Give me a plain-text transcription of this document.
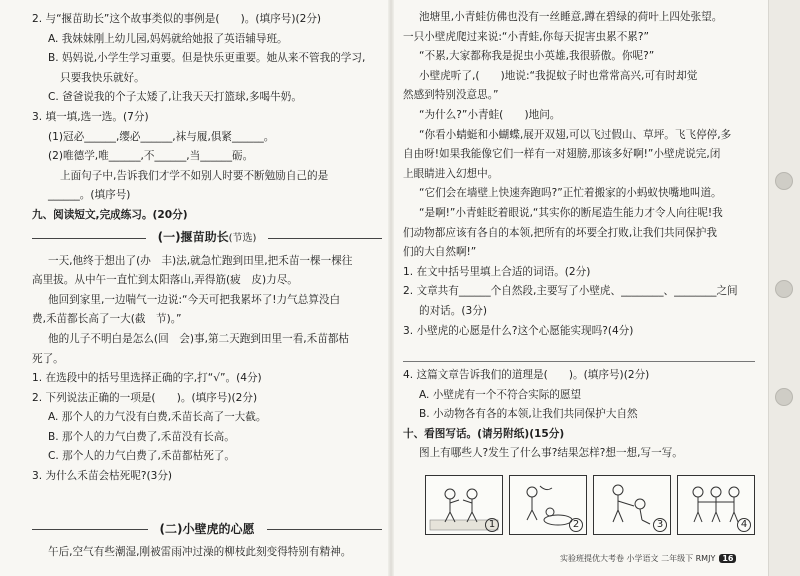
2. 与“揠苗助长”这个故事类似的事例是(　　)。(填序号)(2分)
A. 我妹妹刚上幼儿园,妈妈就给她报了英语辅导班。
B. 妈妈说,小学生学习重要。但是快乐更重要。她从来不管我的学习,
只要我快乐就好。
C. 爸爸说我的个子太矮了,让我天天打篮球,多喝牛奶。
3. 填一填,选一选。(7分)
(1)冠必______,缨必______,袜与履,俱紧______。
(2)唯德学,唯______,不______,当______砺。
上面句子中,告诉我们才学不如别人时要不断勉励自己的是
______。(填序号)
九、阅读短文,完成练习。(20分)
(一)揠苗助长(节选)
一天,他终于想出了(办　丰)法,就急忙跑到田里,把禾苗一棵一棵往
高里拔。从中午一直忙到太阳落山,弄得筋(疲　皮)力尽。
他回到家里,一边喘气一边说:“今天可把我累坏了!力气总算没白
费,禾苗都长高了一大(截　节)。”
他的儿子不明白是怎么(回　会)事,第二天跑到田里一看,禾苗都枯
死了。
1. 在选段中的括号里选择正确的字,打“√”。(4分)
2. 下列说法正确的一项是(　　)。(填序号)(2分)
A. 那个人的力气没有白费,禾苗长高了一大截。
B. 那个人的力气白费了,禾苗没有长高。
C. 那个人的力气白费了,禾苗都枯死了。
3. 为什么禾苗会枯死呢?(3分)
(二)小壁虎的心愿
午后,空气有些潮湿,刚被雷雨冲过澡的柳枝此刻变得特别有精神。
池塘里,小青蛙仿佛也没有一丝睡意,蹲在碧绿的荷叶上四处张望。
一只小壁虎爬过来说:“小青蛙,你每天捉害虫累不累?”
“不累,大家都称我是捉虫小英雄,我很骄傲。你呢?”
小壁虎听了,(　　)地说:“我捉蚊子时也常常高兴,可有时却觉
然感到特别没意思。”
“为什么?”小青蛙(　　)地问。
“你看小蜻蜓和小蝴蝶,展开双翅,可以飞过假山、草坪。飞飞停停,多
自由呀!如果我能像它们一样有一对翅膀,那该多好啊!”小壁虎说完,闭
上眼睛进入幻想中。
“它们会在墙壁上快速奔跑吗?”正忙着搬家的小蚂蚁快嘴地叫道。
“是啊!”小青蛙眨着眼说,“其实你的断尾造生能力才令人向往呢!我
们动物都应该有各自的本领,把所有的坏要全打败,让我们共同保护我
们的大自然啊!”
1. 在文中括号里填上合适的词语。(2分)
2. 文章共有______个自然段,主要写了小壁虎、________、________之间
的对话。(3分)
3. 小壁虎的心愿是什么?这个心愿能实现吗?(4分)
4. 这篇文章告诉我们的道理是(　　)。(填序号)(2分)
A. 小壁虎有一个不符合实际的愿望
B. 小动物各有各的本领,让我们共同保护大自然
十、看图写话。(请另附纸)(15分)
图上有哪些人?发生了什么事?结果怎样?想一想,写一写。
1	2	3	4
实验班提优大考卷 小学语文 二年级下 RMJY 16
